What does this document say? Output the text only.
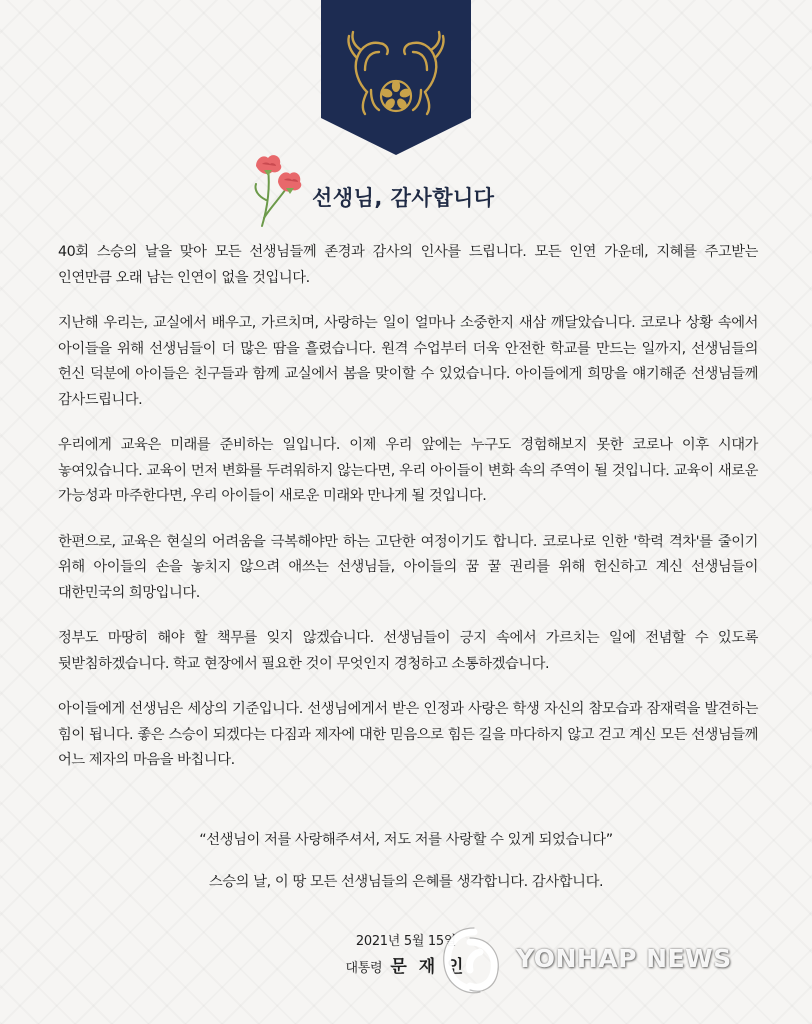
선생님, 감사합니다

40회 스승의 날을 맞아 모든 선생님들께 존경과 감사의 인사를 드립니다. 모든 인연 가운데, 지혜를 주고받는 인연만큼 오래 남는 인연이 없을 것입니다.

지난해 우리는, 교실에서 배우고, 가르치며, 사랑하는 일이 얼마나 소중한지 새삼 깨달았습니다. 코로나 상황 속에서 아이들을 위해 선생님들이 더 많은 땀을 흘렸습니다. 원격 수업부터 더욱 안전한 학교를 만드는 일까지, 선생님들의 헌신 덕분에 아이들은 친구들과 함께 교실에서 봄을 맞이할 수 있었습니다. 아이들에게 희망을 얘기해준 선생님들께 감사드립니다.

우리에게 교육은 미래를 준비하는 일입니다. 이제 우리 앞에는 누구도 경험해보지 못한 코로나 이후 시대가 놓여있습니다. 교육이 먼저 변화를 두려워하지 않는다면, 우리 아이들이 변화 속의 주역이 될 것입니다. 교육이 새로운 가능성과 마주한다면, 우리 아이들이 새로운 미래와 만나게 될 것입니다.

한편으로, 교육은 현실의 어려움을 극복해야만 하는 고단한 여정이기도 합니다. 코로나로 인한 '학력 격차'를 줄이기 위해 아이들의 손을 놓치지 않으려 애쓰는 선생님들, 아이들의 꿈 꿀 권리를 위해 헌신하고 계신 선생님들이 대한민국의 희망입니다.

정부도 마땅히 해야 할 책무를 잊지 않겠습니다. 선생님들이 긍지 속에서 가르치는 일에 전념할 수 있도록 뒷받침하겠습니다. 학교 현장에서 필요한 것이 무엇인지 경청하고 소통하겠습니다.

아이들에게 선생님은 세상의 기준입니다. 선생님에게서 받은 인정과 사랑은 학생 자신의 참모습과 잠재력을 발견하는 힘이 됩니다. 좋은 스승이 되겠다는 다짐과 제자에 대한 믿음으로 힘든 길을 마다하지 않고 걷고 계신 모든 선생님들께 어느 제자의 마음을 바칩니다.

“선생님이 저를 사랑해주셔서, 저도 저를 사랑할 수 있게 되었습니다”
스승의 날, 이 땅 모든 선생님들의 은혜를 생각합니다. 감사합니다.
2021년 5월 15일
대통령 문 재 인	YONHAP NEWS
